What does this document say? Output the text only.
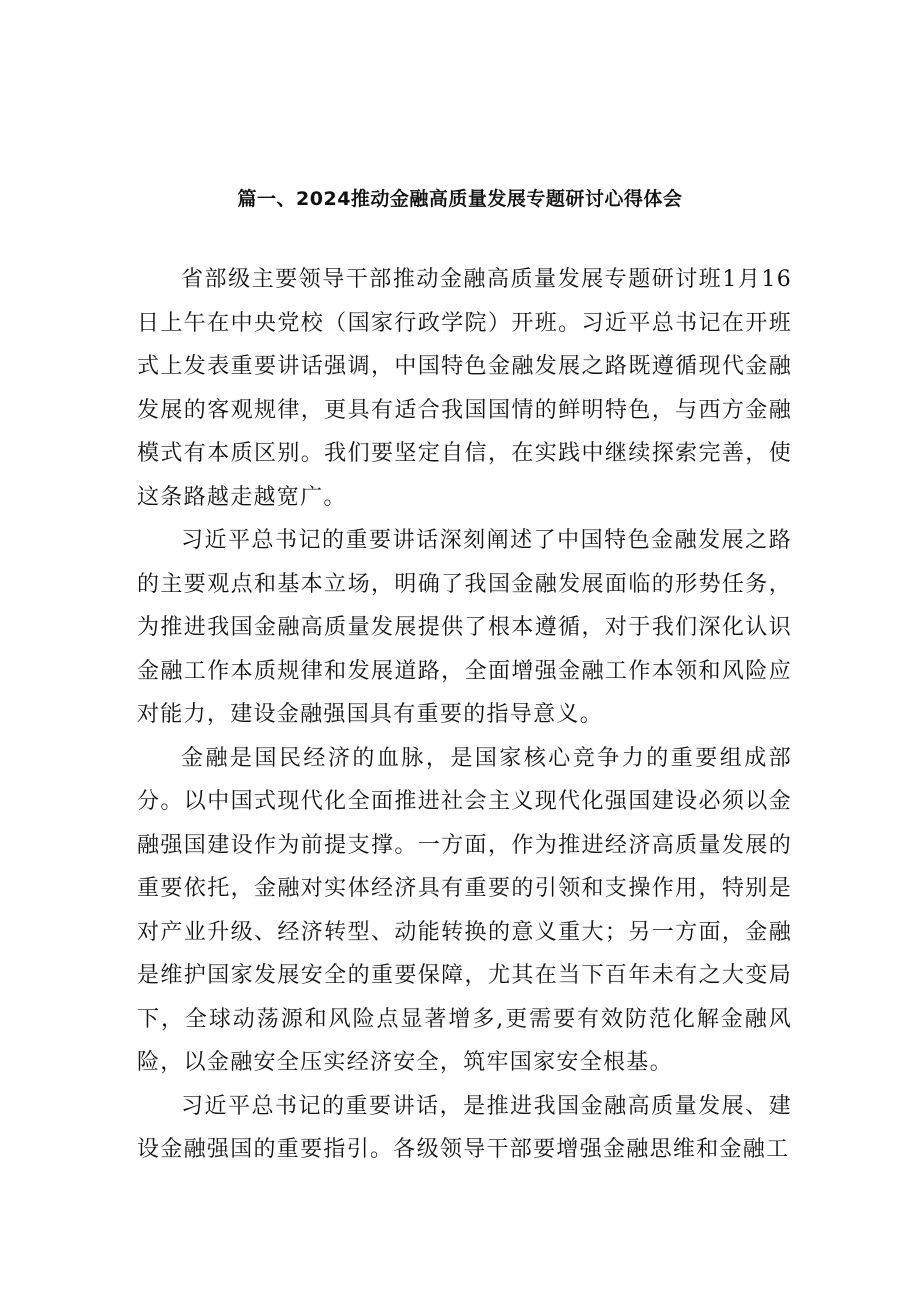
篇一、2024推动金融高质量发展专题研讨心得体会

省部级主要领导干部推动金融高质量发展专题研讨班1月16日上午在中央党校（国家行政学院）开班。习近平总书记在开班式上发表重要讲话强调，中国特色金融发展之路既遵循现代金融发展的客观规律，更具有适合我国国情的鲜明特色，与西方金融模式有本质区别。我们要坚定自信，在实践中继续探索完善，使这条路越走越宽广。

习近平总书记的重要讲话深刻阐述了中国特色金融发展之路的主要观点和基本立场，明确了我国金融发展面临的形势任务，为推进我国金融高质量发展提供了根本遵循，对于我们深化认识金融工作本质规律和发展道路，全面增强金融工作本领和风险应对能力，建设金融强国具有重要的指导意义。

金融是国民经济的血脉，是国家核心竞争力的重要组成部分。以中国式现代化全面推进社会主义现代化强国建设必须以金融强国建设作为前提支撑。一方面，作为推进经济高质量发展的重要依托，金融对实体经济具有重要的引领和支操作用，特别是对产业升级、经济转型、动能转换的意义重大；另一方面，金融是维护国家发展安全的重要保障，尤其在当下百年未有之大变局下，全球动荡源和风险点显著增多,更需要有效防范化解金融风险，以金融安全压实经济安全，筑牢国家安全根基。

习近平总书记的重要讲话，是推进我国金融高质量发展、建设金融强国的重要指引。各级领导干部要增强金融思维和金融工
